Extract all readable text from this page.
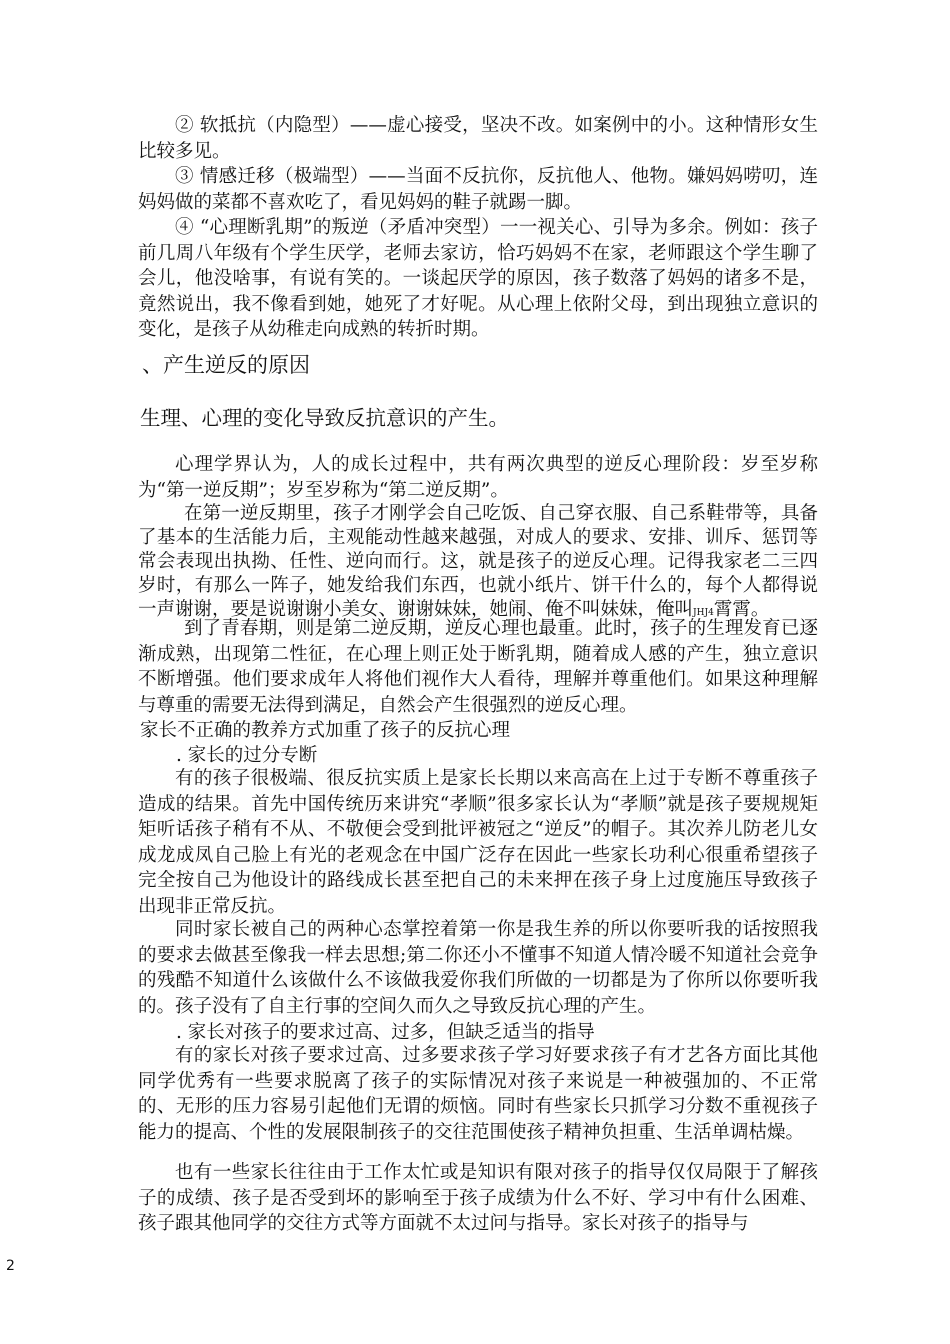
② 软抵抗（内隐型）——虚心接受，坚决不改。如案例中的小。这种情形女生比较多见。

③ 情感迁移（极端型）——当面不反抗你，反抗他人、他物。嫌妈妈唠叨，连妈妈做的菜都不喜欢吃了，看见妈妈的鞋子就踢一脚。

④ “心理断乳期”的叛逆（矛盾冲突型）一一视关心、引导为多余。例如：孩子前几周八年级有个学生厌学，老师去家访，恰巧妈妈不在家，老师跟这个学生聊了会儿，他没啥事，有说有笑的。一谈起厌学的原因，孩子数落了妈妈的诸多不是，竟然说出，我不像看到她，她死了才好呢。从心理上依附父母，到出现独立意识的变化，是孩子从幼稚走向成熟的转折时期。

、产生逆反的原因
生理、心理的变化导致反抗意识的产生。

心理学界认为，人的成长过程中，共有两次典型的逆反心理阶段：岁至岁称为“第一逆反期”；岁至岁称为“第二逆反期”。

在第一逆反期里，孩子才刚学会自己吃饭、自己穿衣服、自己系鞋带等，具备了基本的生活能力后，主观能动性越来越强，对成人的要求、安排、训斥、惩罚等常会表现出执拗、任性、逆向而行。这，就是孩子的逆反心理。记得我家老二三四岁时，有那么一阵子，她发给我们东西，也就小纸片、饼干什么的，每个人都得说一声谢谢，要是说谢谢小美女、谢谢妹妹，她闹、俺不叫妹妹，俺叫JHJ4霄霄。

到了青春期，则是第二逆反期，逆反心理也最重。此时，孩子的生理发育已逐渐成熟，出现第二性征，在心理上则正处于断乳期，随着成人感的产生，独立意识不断增强。他们要求成年人将他们视作大人看待，理解并尊重他们。如果这种理解与尊重的需要无法得到满足，自然会产生很强烈的逆反心理。

家长不正确的教养方式加重了孩子的反抗心理

. 家长的过分专断

有的孩子很极端、很反抗实质上是家长长期以来高高在上过于专断不尊重孩子造成的结果。首先中国传统历来讲究“孝顺”很多家长认为“孝顺”就是孩子要规规矩矩听话孩子稍有不从、不敬便会受到批评被冠之“逆反”的帽子。其次养儿防老儿女成龙成凤自己脸上有光的老观念在中国广泛存在因此一些家长功利心很重希望孩子完全按自己为他设计的路线成长甚至把自己的未来押在孩子身上过度施压导致孩子出现非正常反抗。

同时家长被自己的两种心态掌控着第一你是我生养的所以你要听我的话按照我的要求去做甚至像我一样去思想;第二你还小不懂事不知道人情冷暖不知道社会竞争的残酷不知道什么该做什么不该做我爱你我们所做的一切都是为了你所以你要听我的。孩子没有了自主行事的空间久而久之导致反抗心理的产生。

. 家长对孩子的要求过高、过多，但缺乏适当的指导

有的家长对孩子要求过高、过多要求孩子学习好要求孩子有才艺各方面比其他同学优秀有一些要求脱离了孩子的实际情况对孩子来说是一种被强加的、不正常的、无形的压力容易引起他们无谓的烦恼。同时有些家长只抓学习分数不重视孩子能力的提高、个性的发展限制孩子的交往范围使孩子精神负担重、生活单调枯燥。

也有一些家长往往由于工作太忙或是知识有限对孩子的指导仅仅局限于了解孩子的成绩、孩子是否受到坏的影响至于孩子成绩为什么不好、学习中有什么困难、孩子跟其他同学的交往方式等方面就不太过问与指导。家长对孩子的指导与

2
